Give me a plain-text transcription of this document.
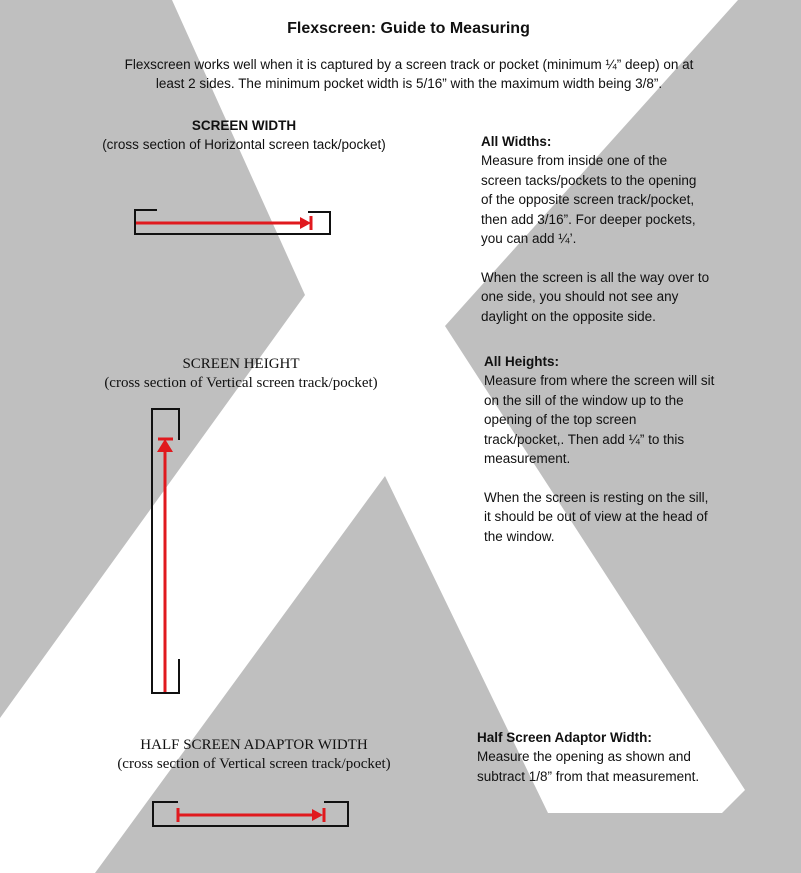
Flexscreen: Guide to Measuring
Flexscreen works well when it is captured by a screen track or pocket (minimum ¼” deep) on at least 2 sides. The minimum pocket width is 5/16” with the maximum width being 3/8”.
SCREEN WIDTH
(cross section of Horizontal screen tack/pocket)	All Widths:

Measure from inside one of the screen tacks/pockets to the opening of the opposite screen track/pocket, then add 3/16”. For deeper pockets, you can add ¼’.

When the screen is all the way over to one side, you should not see any daylight on the opposite side.

SCREEN HEIGHT
(cross section of Vertical screen track/pocket)

All Heights:

Measure from where the screen will sit on the sill of the window up to the opening of the top screen track/pocket,. Then add ¼” to this measurement.

When the screen is resting on the sill, it should be out of view at the head of the window.

HALF SCREEN ADAPTOR WIDTH
(cross section of Vertical screen track/pocket)

Half Screen Adaptor Width:

Measure the opening as shown and subtract 1/8” from that measurement.
